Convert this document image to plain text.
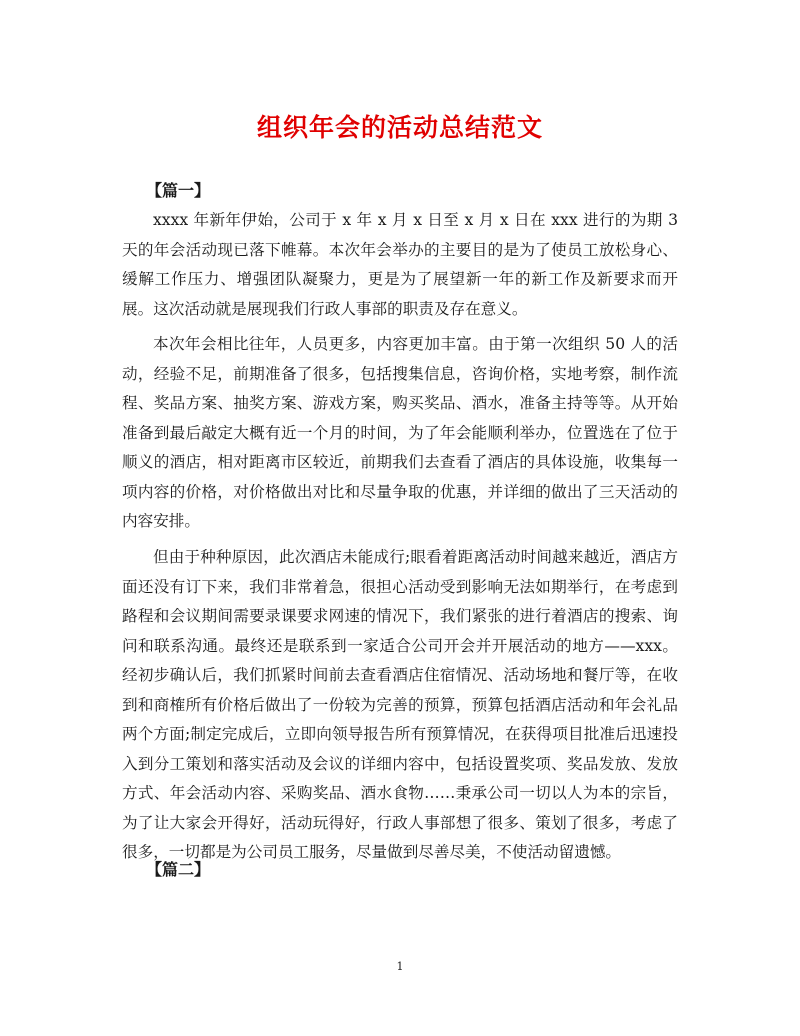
组织年会的活动总结范文
【篇一】

xxxx 年新年伊始，公司于 x 年 x 月 x 日至 x 月 x 日在 xxx 进行的为期 3 天的年会活动现已落下帷幕。本次年会举办的主要目的是为了使员工放松身心、缓解工作压力、增强团队凝聚力，更是为了展望新一年的新工作及新要求而开展。这次活动就是展现我们行政人事部的职责及存在意义。

本次年会相比往年，人员更多，内容更加丰富。由于第一次组织 50 人的活动，经验不足，前期准备了很多，包括搜集信息，咨询价格，实地考察，制作流程、奖品方案、抽奖方案、游戏方案，购买奖品、酒水，准备主持等等。从开始准备到最后敲定大概有近一个月的时间，为了年会能顺利举办，位置选在了位于顺义的酒店，相对距离市区较近，前期我们去查看了酒店的具体设施，收集每一项内容的价格，对价格做出对比和尽量争取的优惠，并详细的做出了三天活动的内容安排。

但由于种种原因，此次酒店未能成行;眼看着距离活动时间越来越近，酒店方面还没有订下来，我们非常着急，很担心活动受到影响无法如期举行，在考虑到路程和会议期间需要录课要求网速的情况下，我们紧张的进行着酒店的搜索、询问和联系沟通。最终还是联系到一家适合公司开会并开展活动的地方——xxx。经初步确认后，我们抓紧时间前去查看酒店住宿情况、活动场地和餐厅等，在收到和商榷所有价格后做出了一份较为完善的预算，预算包括酒店活动和年会礼品两个方面;制定完成后，立即向领导报告所有预算情况，在获得项目批准后迅速投入到分工策划和落实活动及会议的详细内容中，包括设置奖项、奖品发放、发放方式、年会活动内容、采购奖品、酒水食物……秉承公司一切以人为本的宗旨，为了让大家会开得好，活动玩得好，行政人事部想了很多、策划了很多，考虑了很多，一切都是为公司员工服务，尽量做到尽善尽美，不使活动留遗憾。

【篇二】
1
